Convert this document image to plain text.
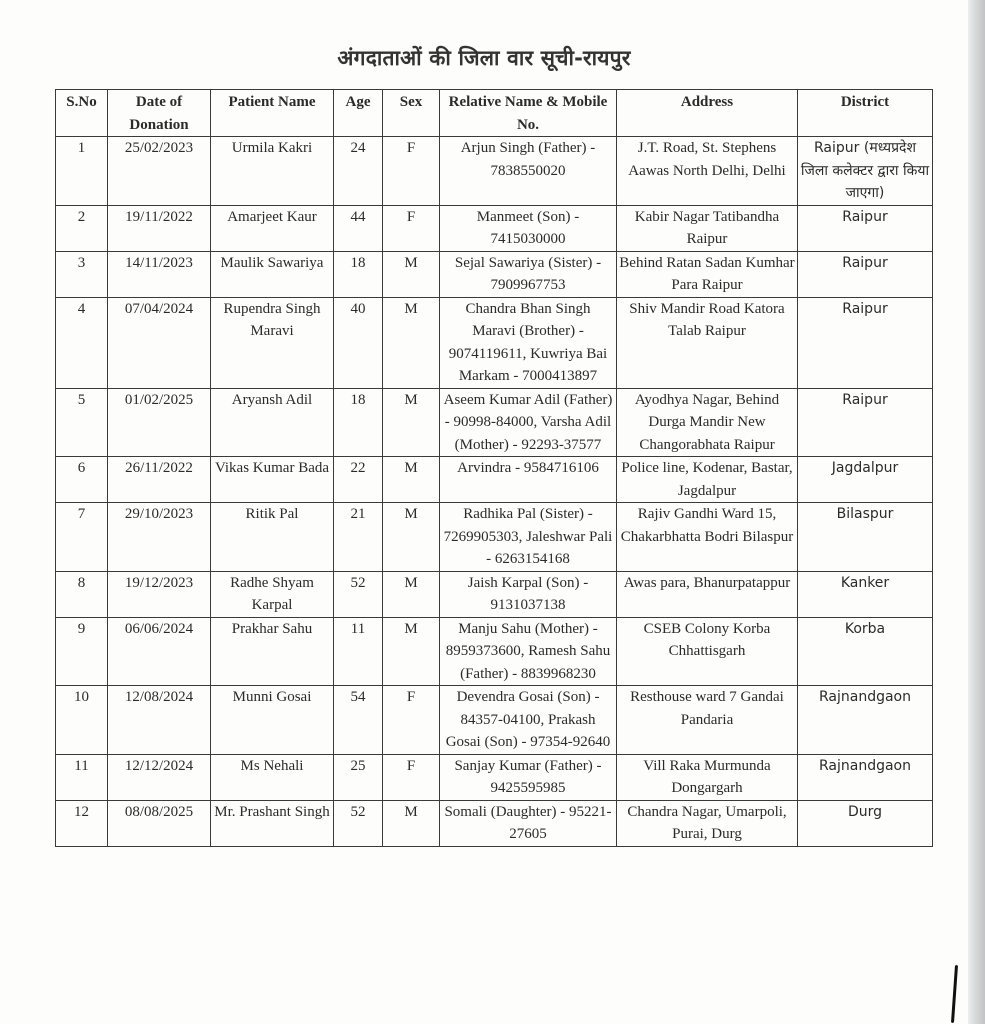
अंगदाताओं की जिला वार सूची-रायपुर
S.No	Date of Donation	Patient Name	Age	Sex	Relative Name & Mobile No.	Address	District
1	25/02/2023	Urmila Kakri	24	F	Arjun Singh (Father) - 7838550020	J.T. Road, St. Stephens Aawas North Delhi, Delhi	Raipur (मध्यप्रदेश जिला कलेक्टर द्वारा किया जाएगा)
2	19/11/2022	Amarjeet Kaur	44	F	Manmeet (Son) - 7415030000	Kabir Nagar Tatibandha Raipur	Raipur
3	14/11/2023	Maulik Sawariya	18	M	Sejal Sawariya (Sister) - 7909967753	Behind Ratan Sadan Kumhar Para Raipur	Raipur
4	07/04/2024	Rupendra Singh Maravi	40	M	Chandra Bhan Singh Maravi (Brother) - 9074119611, Kuwriya Bai Markam - 7000413897	Shiv Mandir Road Katora Talab Raipur	Raipur
5	01/02/2025	Aryansh Adil	18	M	Aseem Kumar Adil (Father) - 90998-84000, Varsha Adil (Mother) - 92293-37577	Ayodhya Nagar, Behind Durga Mandir New Changorabhata Raipur	Raipur
6	26/11/2022	Vikas Kumar Bada	22	M	Arvindra - 9584716106	Police line, Kodenar, Bastar, Jagdalpur	Jagdalpur
7	29/10/2023	Ritik Pal	21	M	Radhika Pal (Sister) - 7269905303, Jaleshwar Pali - 6263154168	Rajiv Gandhi Ward 15, Chakarbhatta Bodri Bilaspur	Bilaspur
8	19/12/2023	Radhe Shyam Karpal	52	M	Jaish Karpal (Son) - 9131037138	Awas para, Bhanurpatappur	Kanker
9	06/06/2024	Prakhar Sahu	11	M	Manju Sahu (Mother) - 8959373600, Ramesh Sahu (Father) - 8839968230	CSEB Colony Korba Chhattisgarh	Korba
10	12/08/2024	Munni Gosai	54	F	Devendra Gosai (Son) - 84357-04100, Prakash Gosai (Son) - 97354-92640	Resthouse ward 7 Gandai Pandaria	Rajnandgaon
11	12/12/2024	Ms Nehali	25	F	Sanjay Kumar (Father) - 9425595985	Vill Raka Murmunda Dongargarh	Rajnandgaon
12	08/08/2025	Mr. Prashant Singh	52	M	Somali (Daughter) - 95221-27605	Chandra Nagar, Umarpoli, Purai, Durg	Durg
